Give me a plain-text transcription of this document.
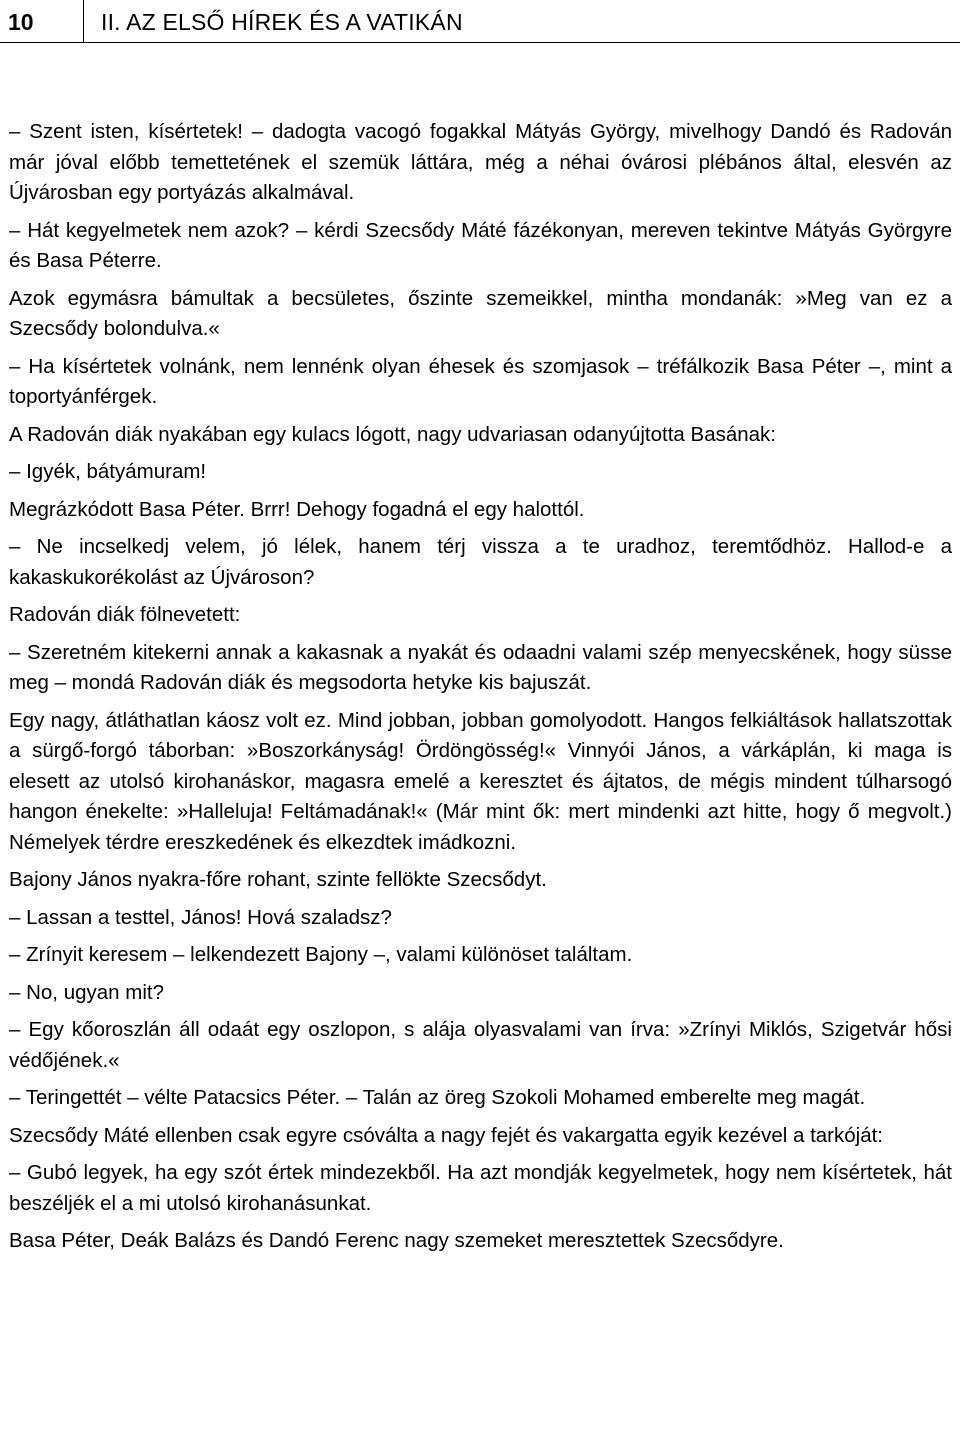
10	II. AZ ELSŐ HÍREK ÉS A VATIKÁN

– Szent isten, kísértetek! – dadogta vacogó fogakkal Mátyás György, mivelhogy Dandó és Radován már jóval előbb temettetének el szemük láttára, még a néhai óvárosi plébános által, elesvén az Újvárosban egy portyázás alkalmával.

– Hát kegyelmetek nem azok? – kérdi Szecsődy Máté fázékonyan, mereven tekintve Mátyás Györgyre és Basa Péterre.

Azok egymásra bámultak a becsületes, őszinte szemeikkel, mintha mondanák: »Meg van ez a Szecsődy bolondulva.«

– Ha kísértetek volnánk, nem lennénk olyan éhesek és szomjasok – tréfálkozik Basa Péter –, mint a toportyánférgek.

A Radován diák nyakában egy kulacs lógott, nagy udvariasan odanyújtotta Basának:

– Igyék, bátyámuram!

Megrázkódott Basa Péter. Brrr! Dehogy fogadná el egy halottól.

– Ne incselkedj velem, jó lélek, hanem térj vissza a te uradhoz, teremtődhöz. Hallod-e a kakaskukorékolást az Újvároson?

Radován diák fölnevetett:

– Szeretném kitekerni annak a kakasnak a nyakát és odaadni valami szép menyecskének, hogy süsse meg – mondá Radován diák és megsodorta hetyke kis bajuszát.

Egy nagy, átláthatlan káosz volt ez. Mind jobban, jobban gomolyodott. Hangos felkiáltások hallatszottak a sürgő-forgó táborban: »Boszorkányság! Ördöngösség!« Vinnyói János, a várkáplán, ki maga is elesett az utolsó kirohanáskor, magasra emelé a keresztet és ájtatos, de mégis mindent túlharsogó hangon énekelte: »Halleluja! Feltámadának!« (Már mint ők: mert mindenki azt hitte, hogy ő megvolt.) Némelyek térdre ereszkedének és elkezdtek imádkozni.

Bajony János nyakra-főre rohant, szinte fellökte Szecsődyt.

– Lassan a testtel, János! Hová szaladsz?

– Zrínyit keresem – lelkendezett Bajony –, valami különöset találtam.

– No, ugyan mit?

– Egy kőoroszlán áll odaát egy oszlopon, s alája olyasvalami van írva: »Zrínyi Miklós, Szigetvár hősi védőjének.«

– Teringettét – vélte Patacsics Péter. – Talán az öreg Szokoli Mohamed emberelte meg magát.

Szecsődy Máté ellenben csak egyre csóválta a nagy fejét és vakargatta egyik kezével a tarkóját:

– Gubó legyek, ha egy szót értek mindezekből. Ha azt mondják kegyelmetek, hogy nem kísértetek, hát beszéljék el a mi utolsó kirohanásunkat.

Basa Péter, Deák Balázs és Dandó Ferenc nagy szemeket meresztettek Szecsődyre.
